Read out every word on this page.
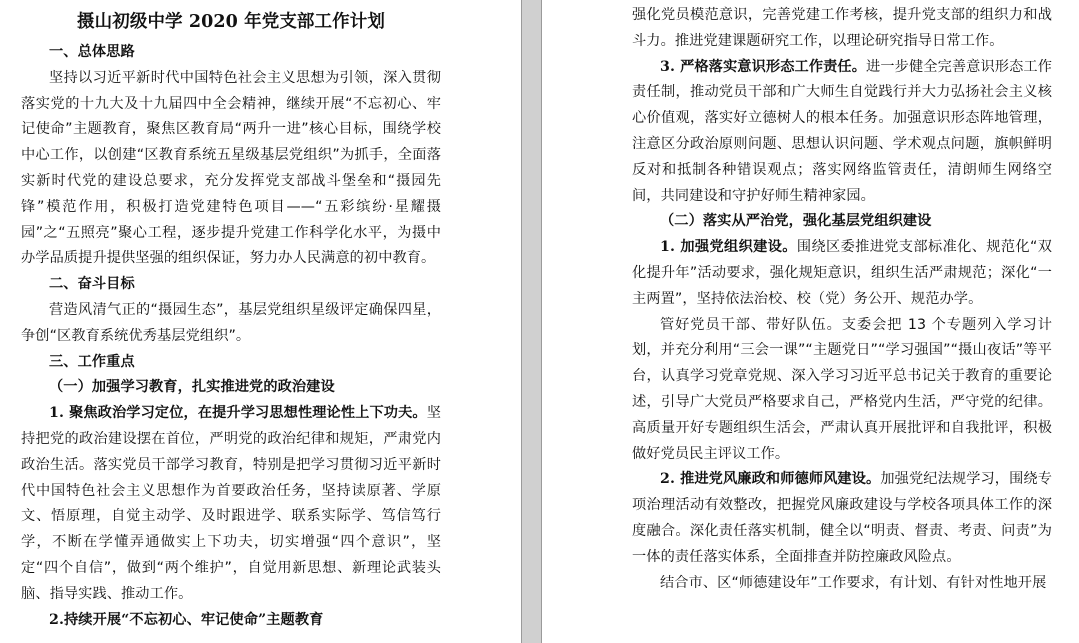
摄山初级中学 2020 年党支部工作计划

一、总体思路

坚持以习近平新时代中国特色社会主义思想为引领，深入贯彻落实党的十九大及十九届四中全会精神，继续开展“不忘初心、牢记使命”主题教育，聚焦区教育局“两升一进”核心目标，围绕学校中心工作，以创建“区教育系统五星级基层党组织”为抓手，全面落实新时代党的建设总要求，充分发挥党支部战斗堡垒和“摄园先锋”模范作用，积极打造党建特色项目——“五彩缤纷·星耀摄园”之“五照亮”聚心工程，逐步提升党建工作科学化水平，为摄中办学品质提升提供坚强的组织保证，努力办人民满意的初中教育。

二、奋斗目标

营造风清气正的“摄园生态”，基层党组织星级评定确保四星，争创“区教育系统优秀基层党组织”。

三、工作重点

（一）加强学习教育，扎实推进党的政治建设

1. 聚焦政治学习定位，在提升学习思想性理论性上下功夫。坚持把党的政治建设摆在首位，严明党的政治纪律和规矩，严肃党内政治生活。落实党员干部学习教育，特别是把学习贯彻习近平新时代中国特色社会主义思想作为首要政治任务，坚持读原著、学原文、悟原理，自觉主动学、及时跟进学、联系实际学、笃信笃行学，不断在学懂弄通做实上下功夫，切实增强“四个意识”，坚定“四个自信”，做到“两个维护”，自觉用新思想、新理论武装头脑、指导实践、推动工作。

2.持续开展“不忘初心、牢记使命”主题教育

强化党员模范意识，完善党建工作考核，提升党支部的组织力和战斗力。推进党建课题研究工作，以理论研究指导日常工作。

3. 严格落实意识形态工作责任。进一步健全完善意识形态工作责任制，推动党员干部和广大师生自觉践行并大力弘扬社会主义核心价值观，落实好立德树人的根本任务。加强意识形态阵地管理，注意区分政治原则问题、思想认识问题、学术观点问题，旗帜鲜明反对和抵制各种错误观点；落实网络监管责任，清朗师生网络空间，共同建设和守护好师生精神家园。

（二）落实从严治党，强化基层党组织建设

1. 加强党组织建设。围绕区委推进党支部标准化、规范化“双化提升年”活动要求，强化规矩意识，组织生活严肃规范；深化“一主两置”，坚持依法治校、校（党）务公开、规范办学。

管好党员干部、带好队伍。支委会把 13 个专题列入学习计划，并充分利用“三会一课”“主题党日”“学习强国”“摄山夜话”等平台，认真学习党章党规、深入学习习近平总书记关于教育的重要论述，引导广大党员严格要求自己，严格党内生活，严守党的纪律。高质量开好专题组织生活会，严肃认真开展批评和自我批评，积极做好党员民主评议工作。

2. 推进党风廉政和师德师风建设。加强党纪法规学习，围绕专项治理活动有效整改，把握党风廉政建设与学校各项具体工作的深度融合。深化责任落实机制，健全以“明责、督责、考责、问责”为一体的责任落实体系，全面排查并防控廉政风险点。

结合市、区“师德建设年”工作要求，有计划、有针对性地开展
